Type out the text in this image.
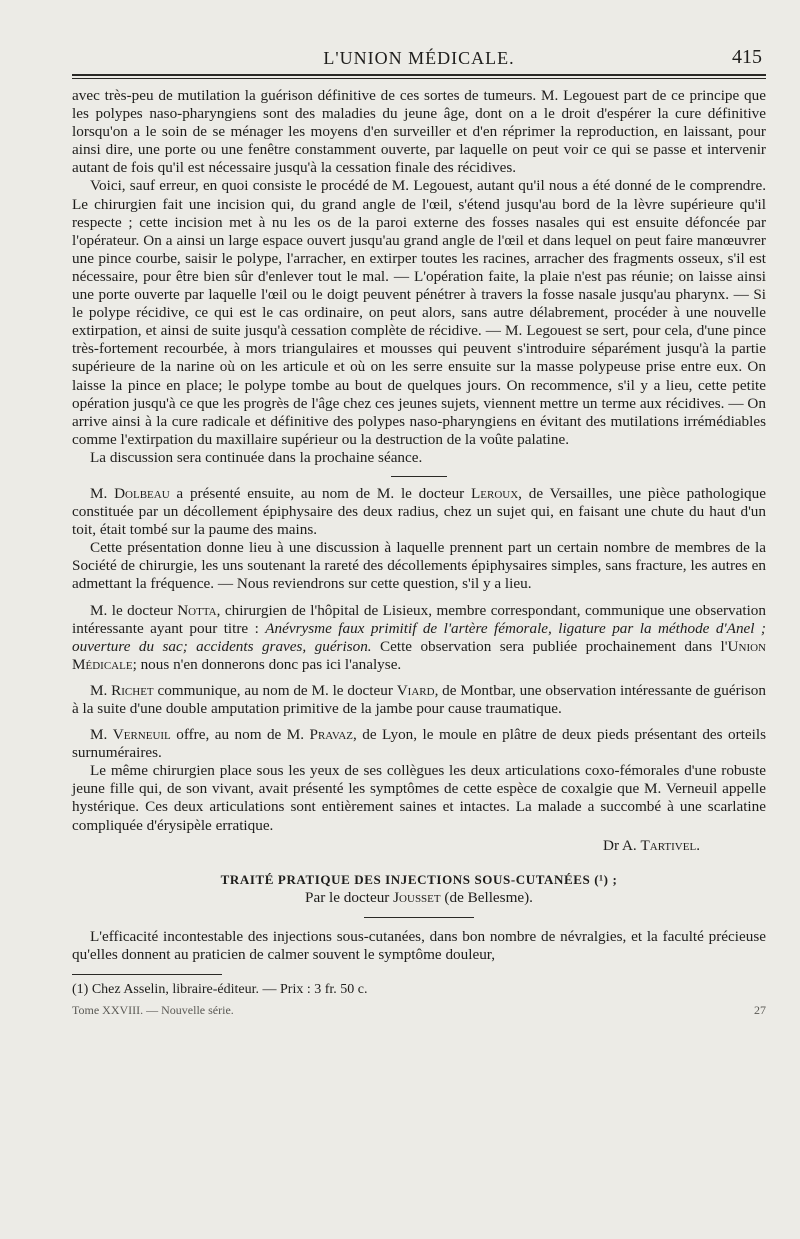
L'UNION MÉDICALE.	415

avec très-peu de mutilation la guérison définitive de ces sortes de tumeurs. M. Legouest part de ce principe que les polypes naso-pharyngiens sont des maladies du jeune âge, dont on a le droit d'espérer la cure définitive lorsqu'on a le soin de se ménager les moyens d'en surveiller et d'en réprimer la reproduction, en laissant, pour ainsi dire, une porte ou une fenêtre constamment ouverte, par laquelle on peut voir ce qui se passe et intervenir autant de fois qu'il est nécessaire jusqu'à la cessation finale des récidives.

Voici, sauf erreur, en quoi consiste le procédé de M. Legouest, autant qu'il nous a été donné de le comprendre. Le chirurgien fait une incision qui, du grand angle de l'œil, s'étend jusqu'au bord de la lèvre supérieure qu'il respecte ; cette incision met à nu les os de la paroi externe des fosses nasales qui est ensuite défoncée par l'opérateur. On a ainsi un large espace ouvert jusqu'au grand angle de l'œil et dans lequel on peut faire manœuvrer une pince courbe, saisir le polype, l'arracher, en extirper toutes les racines, arracher des fragments osseux, s'il est nécessaire, pour être bien sûr d'enlever tout le mal. — L'opération faite, la plaie n'est pas réunie; on laisse ainsi une porte ouverte par laquelle l'œil ou le doigt peuvent pénétrer à travers la fosse nasale jusqu'au pharynx. — Si le polype récidive, ce qui est le cas ordinaire, on peut alors, sans autre délabrement, procéder à une nouvelle extirpation, et ainsi de suite jusqu'à cessation complète de récidive. — M. Legouest se sert, pour cela, d'une pince très-fortement recourbée, à mors triangulaires et mousses qui peuvent s'introduire séparément jusqu'à la partie supérieure de la narine où on les articule et où on les serre ensuite sur la masse polypeuse prise entre eux. On laisse la pince en place; le polype tombe au bout de quelques jours. On recommence, s'il y a lieu, cette petite opération jusqu'à ce que les progrès de l'âge chez ces jeunes sujets, viennent mettre un terme aux récidives. — On arrive ainsi à la cure radicale et définitive des polypes naso-pharyngiens en évitant des mutilations irrémédiables comme l'extirpation du maxillaire supérieur ou la destruction de la voûte palatine.

La discussion sera continuée dans la prochaine séance.

M. Dolbeau a présenté ensuite, au nom de M. le docteur Leroux, de Versailles, une pièce pathologique constituée par un décollement épiphysaire des deux radius, chez un sujet qui, en faisant une chute du haut d'un toit, était tombé sur la paume des mains.

Cette présentation donne lieu à une discussion à laquelle prennent part un certain nombre de membres de la Société de chirurgie, les uns soutenant la rareté des décollements épiphysaires simples, sans fracture, les autres en admettant la fréquence. — Nous reviendrons sur cette question, s'il y a lieu.

M. le docteur Notta, chirurgien de l'hôpital de Lisieux, membre correspondant, communique une observation intéressante ayant pour titre : Anévrysme faux primitif de l'artère fémorale, ligature par la méthode d'Anel ; ouverture du sac; accidents graves, guérison. Cette observation sera publiée prochainement dans l'Union Médicale; nous n'en donnerons donc pas ici l'analyse.

M. Richet communique, au nom de M. le docteur Viard, de Montbar, une observation intéressante de guérison à la suite d'une double amputation primitive de la jambe pour cause traumatique.

M. Verneuil offre, au nom de M. Pravaz, de Lyon, le moule en plâtre de deux pieds présentant des orteils surnuméraires.

Le même chirurgien place sous les yeux de ses collègues les deux articulations coxo-fémorales d'une robuste jeune fille qui, de son vivant, avait présenté les symptômes de cette espèce de coxalgie que M. Verneuil appelle hystérique. Ces deux articulations sont entièrement saines et intactes. La malade a succombé à une scarlatine compliquée d'érysipèle erratique.

Dr A. Tartivel.

TRAITÉ PRATIQUE DES INJECTIONS SOUS-CUTANÉES (¹) ;
Par le docteur Jousset (de Bellesme).

L'efficacité incontestable des injections sous-cutanées, dans bon nombre de névralgies, et la faculté précieuse qu'elles donnent au praticien de calmer souvent le symptôme douleur,

(1) Chez Asselin, libraire-éditeur. — Prix : 3 fr. 50 c.

Tome XXVIII. — Nouvelle série.	27
